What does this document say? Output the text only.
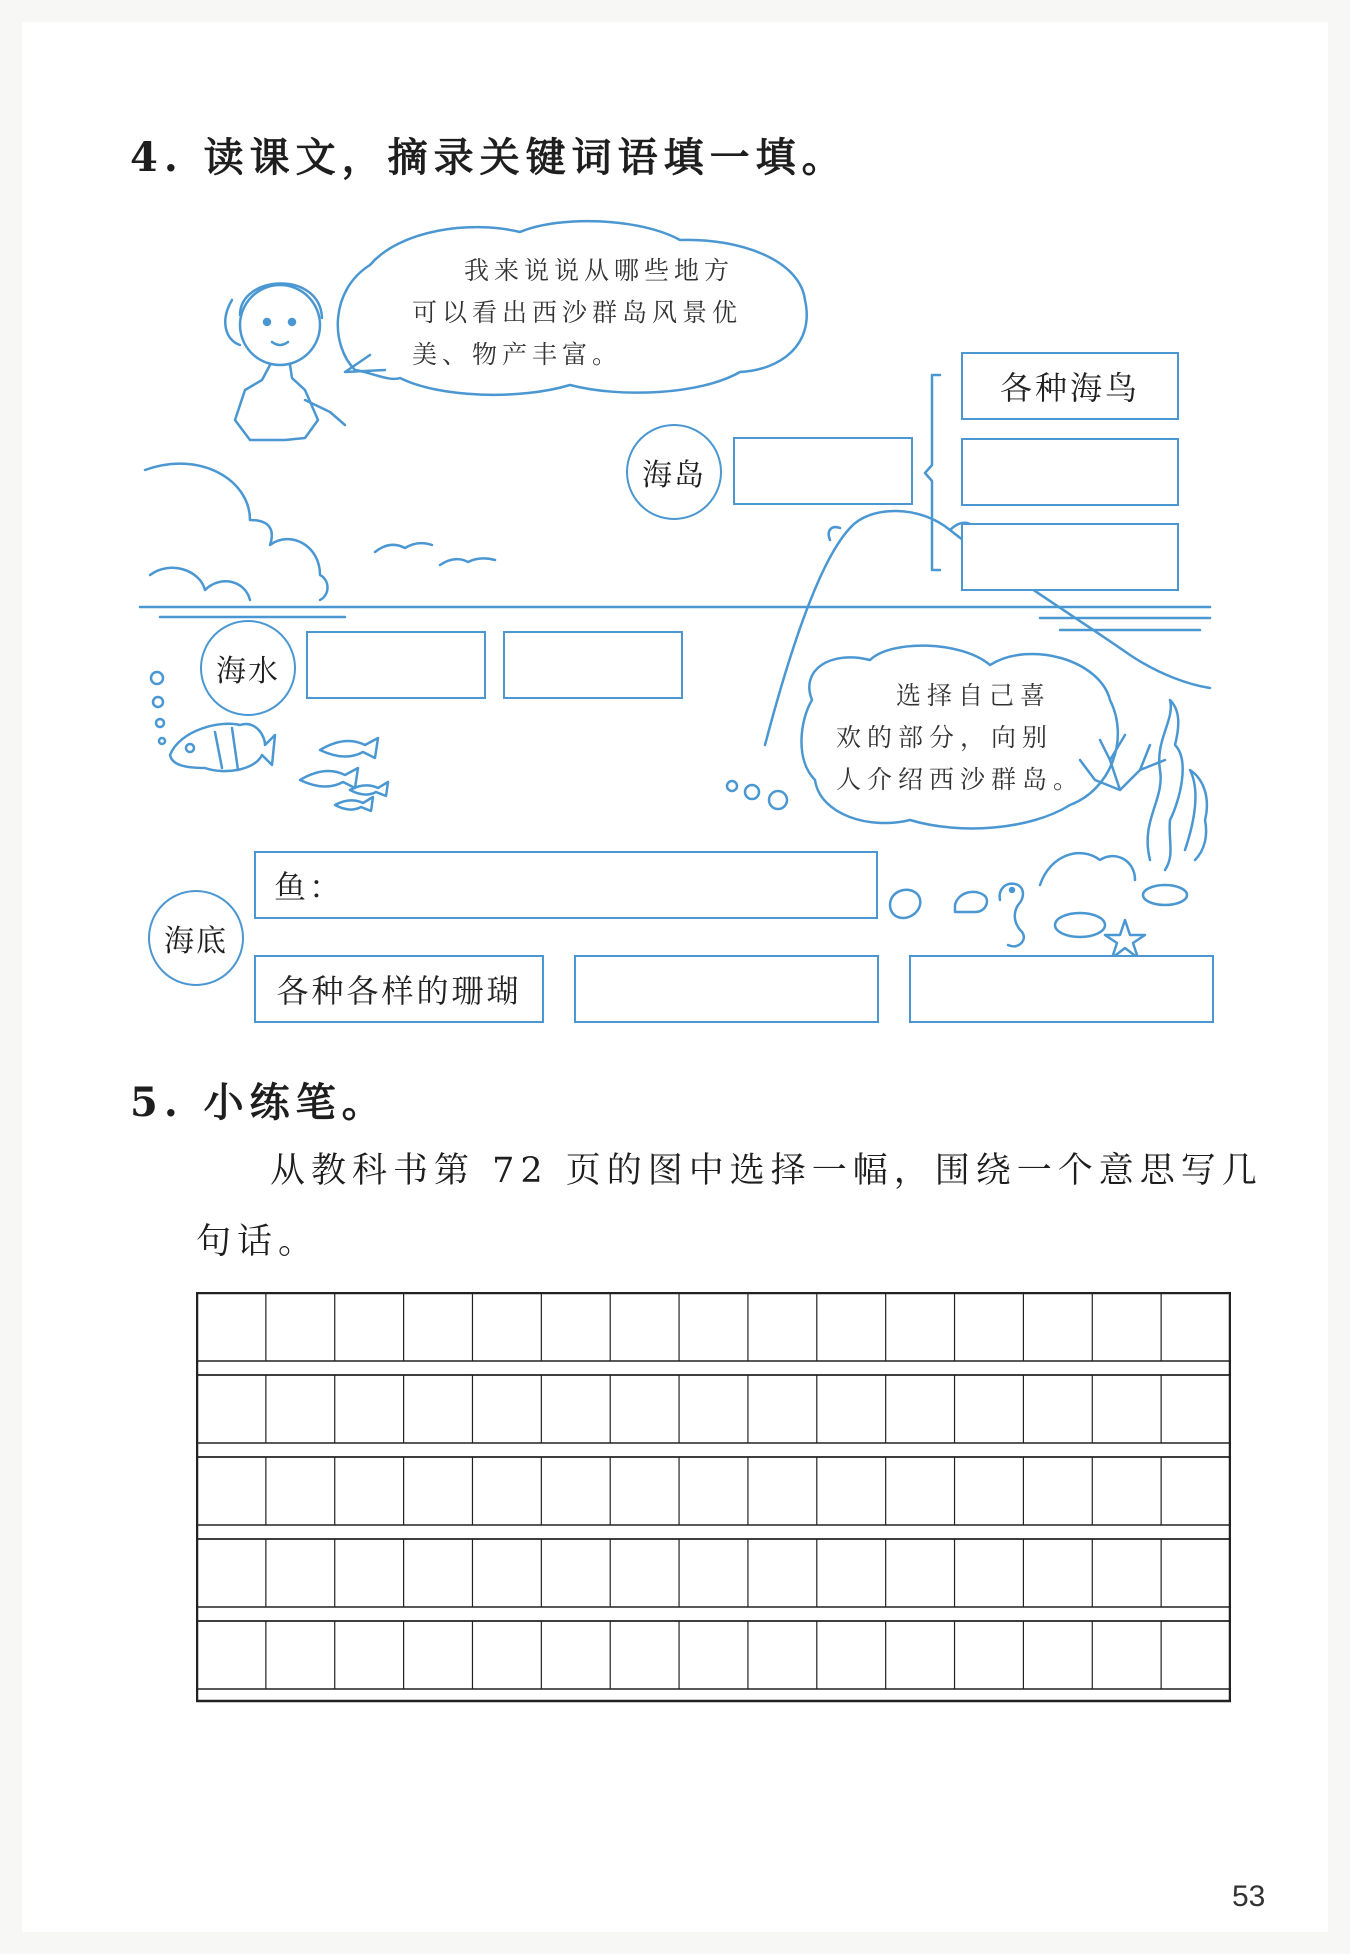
4. 读课文，摘录关键词语填一填。
我来说说从哪些地方
可以看出西沙群岛风景优
美、物产丰富。
选择自己喜
欢的部分，向别
人介绍西沙群岛。
海岛
各种海鸟
海水
海底
鱼：
各种各样的珊瑚
5. 小练笔。
从教科书第 72 页的图中选择一幅，围绕一个意思写几
句话。
53
